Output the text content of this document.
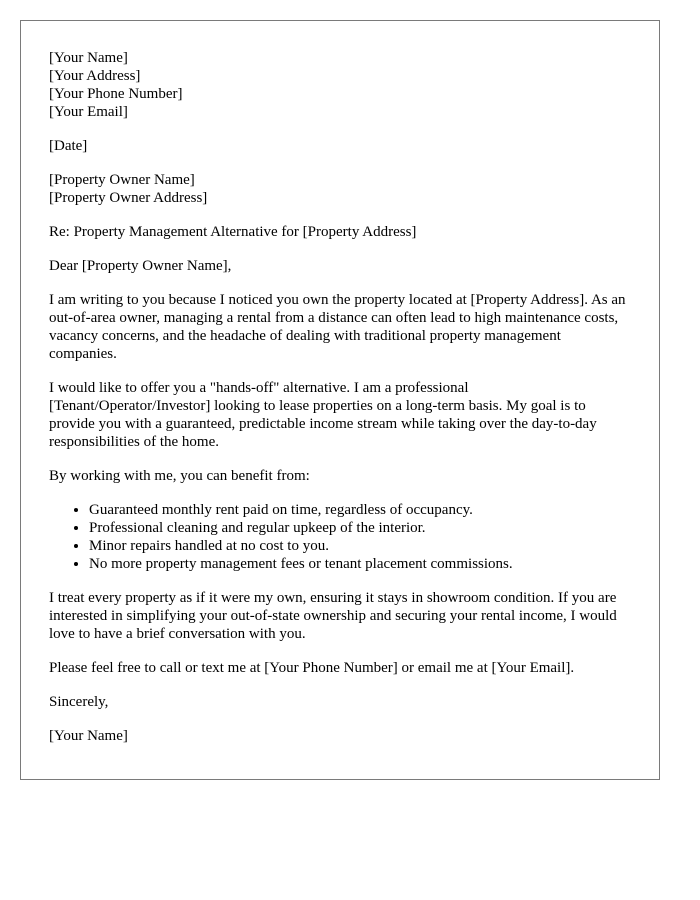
[Your Name]
[Your Address]
[Your Phone Number]
[Your Email]
[Date]
[Property Owner Name]
[Property Owner Address]

Re: Property Management Alternative for [Property Address]

Dear [Property Owner Name],

I am writing to you because I noticed you own the property located at [Property Address]. As an out-of-area owner, managing a rental from a distance can often lead to high maintenance costs, vacancy concerns, and the headache of dealing with traditional property management companies.

I would like to offer you a "hands-off" alternative. I am a professional [Tenant/Operator/Investor] looking to lease properties on a long-term basis. My goal is to provide you with a guaranteed, predictable income stream while taking over the day-to-day responsibilities of the home.

By working with me, you can benefit from:

• Guaranteed monthly rent paid on time, regardless of occupancy.
• Professional cleaning and regular upkeep of the interior.
• Minor repairs handled at no cost to you.
• No more property management fees or tenant placement commissions.

I treat every property as if it were my own, ensuring it stays in showroom condition. If you are interested in simplifying your out-of-state ownership and securing your rental income, I would love to have a brief conversation with you.

Please feel free to call or text me at [Your Phone Number] or email me at [Your Email].

Sincerely,

[Your Name]
